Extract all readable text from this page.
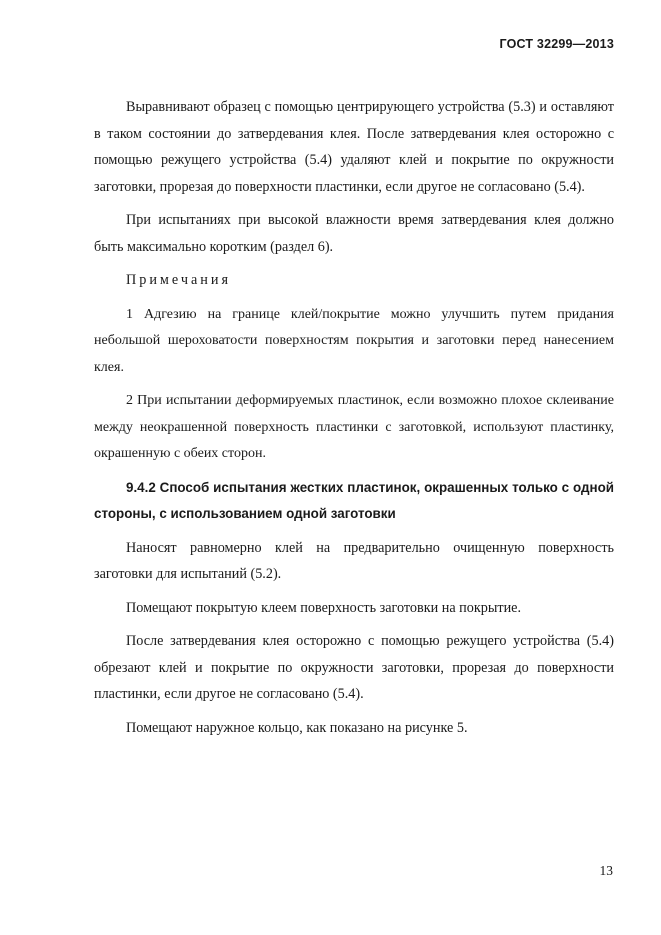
ГОСТ 32299—2013

Выравнивают образец с помощью центрирующего устройства (5.3) и оставляют в таком состоянии до затвердевания клея. После затвердевания клея осторожно с помощью режущего устройства (5.4) удаляют клей и покрытие по окружности заготовки, прорезая до поверхности пластинки, если другое не согласовано (5.4).

При испытаниях при высокой влажности время затвердевания клея должно быть максимально коротким (раздел 6).

Примечания

1 Адгезию на границе клей/покрытие можно улучшить путем придания небольшой шероховатости поверхностям покрытия и заготовки перед нанесением клея.

2 При испытании деформируемых пластинок, если возможно плохое склеивание между неокрашенной поверхность пластинки с заготовкой, используют пластинку, окрашенную с обеих сторон.

9.4.2 Способ испытания жестких пластинок, окрашенных только с одной стороны, с использованием одной заготовки

Наносят равномерно клей на предварительно очищенную поверхность заготовки для испытаний (5.2).

Помещают покрытую клеем поверхность заготовки на покрытие.

После затвердевания клея осторожно с помощью режущего устройства (5.4) обрезают клей и покрытие по окружности заготовки, прорезая до поверхности пластинки, если другое не согласовано (5.4).

Помещают наружное кольцо, как показано на рисунке 5.

13
